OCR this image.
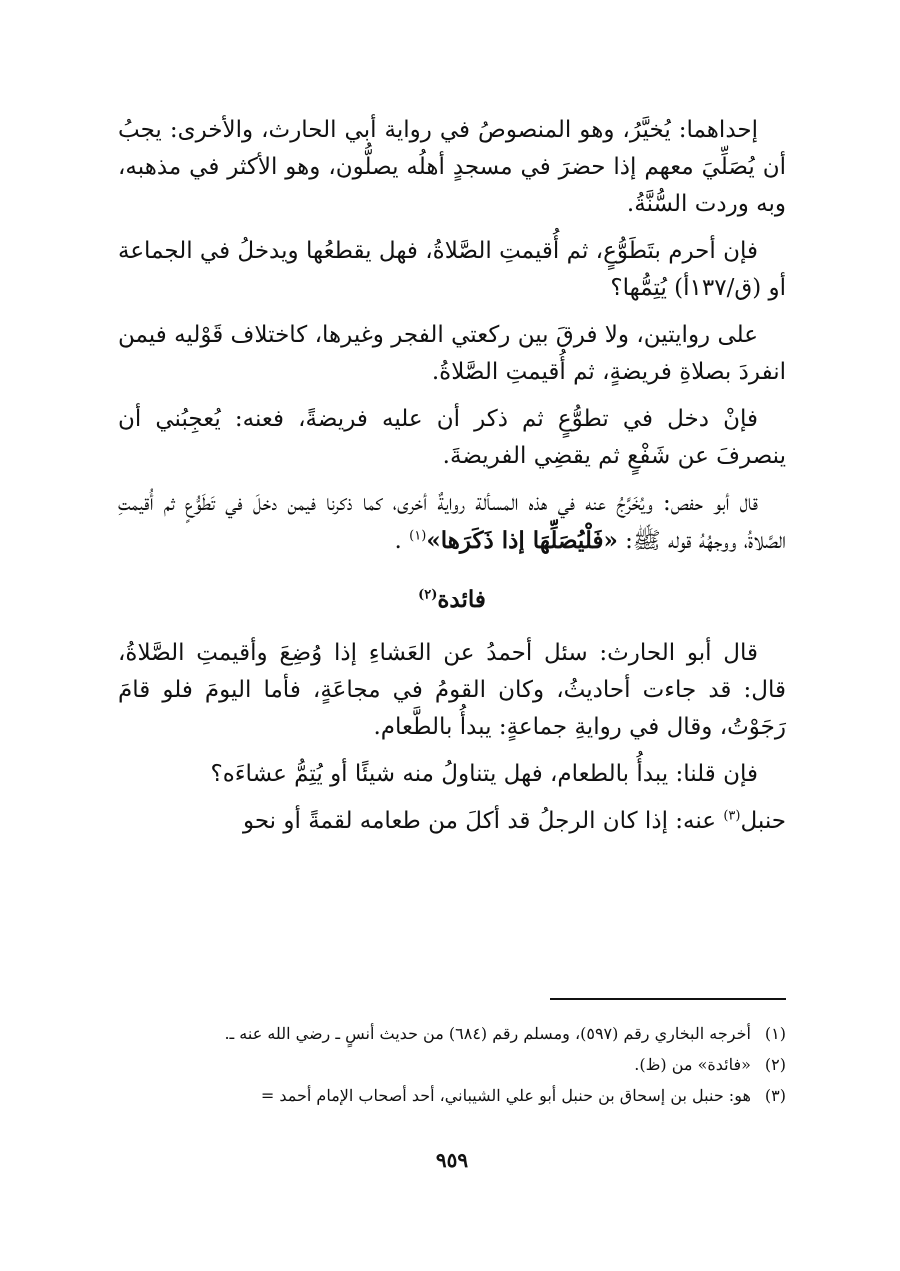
إحداهما: يُخيَّرُ، وهو المنصوصُ في رواية أبي الحارث، والأخرى: يجبُ أن يُصَلِّيَ معهم إذا حضرَ في مسجدٍ أهلُه يصلُّون، وهو الأكثر في مذهبه، وبه وردت السُّنَّةُ.

فإن أحرم بتَطَوُّعٍ، ثم أُقيمتِ الصَّلاةُ، فهل يقطعُها ويدخلُ في الجماعة أو (ق/١٣٧أ) يُتِمُّها؟

على روايتين، ولا فرقَ بين ركعتي الفجر وغيرها، كاختلاف قَوْليه فيمن انفردَ بصلاةِ فريضةٍ، ثم أُقيمتِ الصَّلاةُ.

فإنْ دخل في تطوُّعٍ ثم ذكر أن عليه فريضةً، فعنه: يُعجِبُني أن ينصرفَ عن شَفْعٍ ثم يقضِي الفريضةَ.

قال أبو حفص: ويُخَرَّجُ عنه في هذه المسألة روايةٌ أخرى، كما ذكرنا فيمن دخلَ في تَطَوُّعٍ ثم أُقيمتِ الصَّلاةُ، ووجهُهُ قوله ﷺ: «فَلْيُصَلِّهَا إذا ذَكَرَها»$^{(١)}$ .

فائدة$^{(٢)}$

قال أبو الحارث: سئل أحمدُ عن العَشاءِ إذا وُضِعَ وأقيمتِ الصَّلاةُ، قال: قد جاءت أحاديثُ، وكان القومُ في مجاعَةٍ، فأما اليومَ فلو قامَ رَجَوْتُ، وقال في روايةِ جماعةٍ: يبدأُ بالطَّعام.

فإن قلنا: يبدأُ بالطعام، فهل يتناولُ منه شيئًا أو يُتِمُّ عشاءَه؟

حنبل$^{(٣)}$ عنه: إذا كان الرجلُ قد أكلَ من طعامه لقمةً أو نحو

(١)أخرجه البخاري رقم (٥٩٧)، ومسلم رقم (٦٨٤) من حديث أنسٍ ـ رضي الله عنه ـ.
(٢)«فائدة» من (ظ).
(٣)هو: حنبل بن إسحاق بن حنبل أبو علي الشيباني، أحد أصحاب الإمام أحمد =
٩٥٩
